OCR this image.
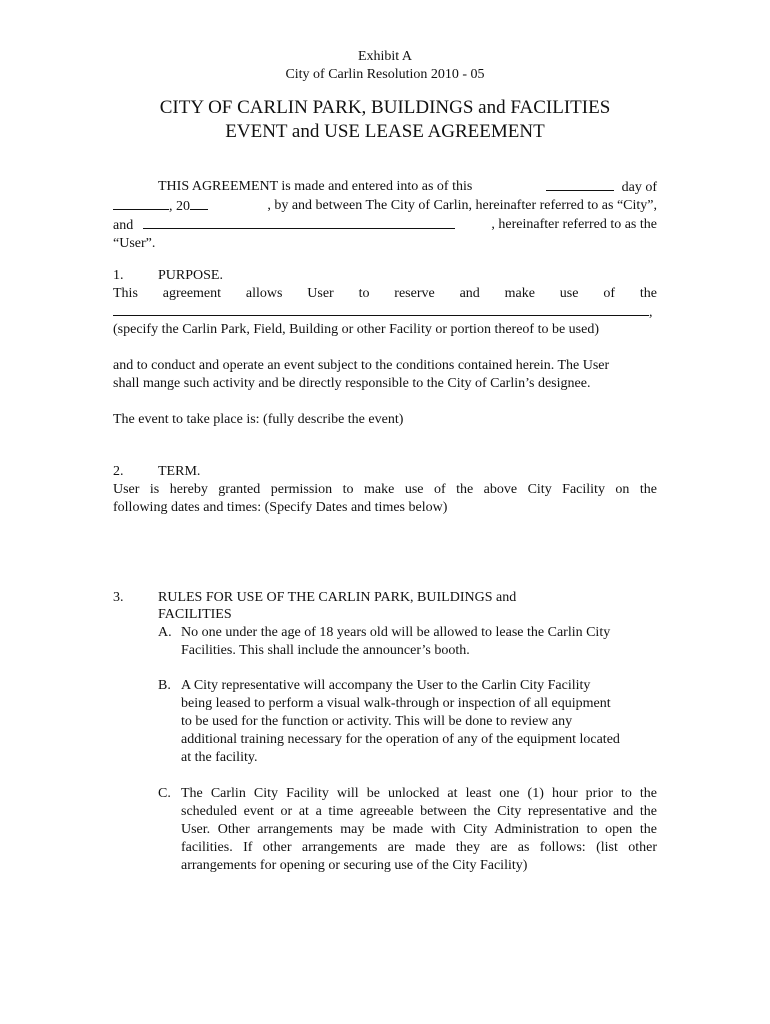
Exhibit A
City of Carlin Resolution 2010 - 05
CITY OF CARLIN PARK, BUILDINGS and FACILITIES
EVENT and USE LEASE AGREEMENT
THIS AGREEMENT is made and entered into as of this	day of
, 20	, by and between The City of Carlin, hereinafter referred to as “City”,
and	, hereinafter referred to as the
“User”.
1. PURPOSE.
This agreement allows User to reserve and make use of the
,
(specify the Carlin Park, Field, Building or other Facility or portion thereof to be used)
and to conduct and operate an event subject to the conditions contained herein. The User
shall mange such activity and be directly responsible to the City of Carlin’s designee.
The event to take place is: (fully describe the event)
2. TERM.
User is hereby granted permission to make use of the above City Facility on the
following dates and times: (Specify Dates and times below)
3. RULES FOR USE OF THE CARLIN PARK, BUILDINGS and
FACILITIES
A. No one under the age of 18 years old will be allowed to lease the Carlin City
Facilities. This shall include the announcer’s booth.
B. A City representative will accompany the User to the Carlin City Facility
being leased to perform a visual walk-through or inspection of all equipment
to be used for the function or activity. This will be done to review any
additional training necessary for the operation of any of the equipment located
at the facility.
C. The Carlin City Facility will be unlocked at least one (1) hour prior to the
scheduled event or at a time agreeable between the City representative and the
User. Other arrangements may be made with City Administration to open the
facilities. If other arrangements are made they are as follows: (list other
arrangements for opening or securing use of the City Facility)
